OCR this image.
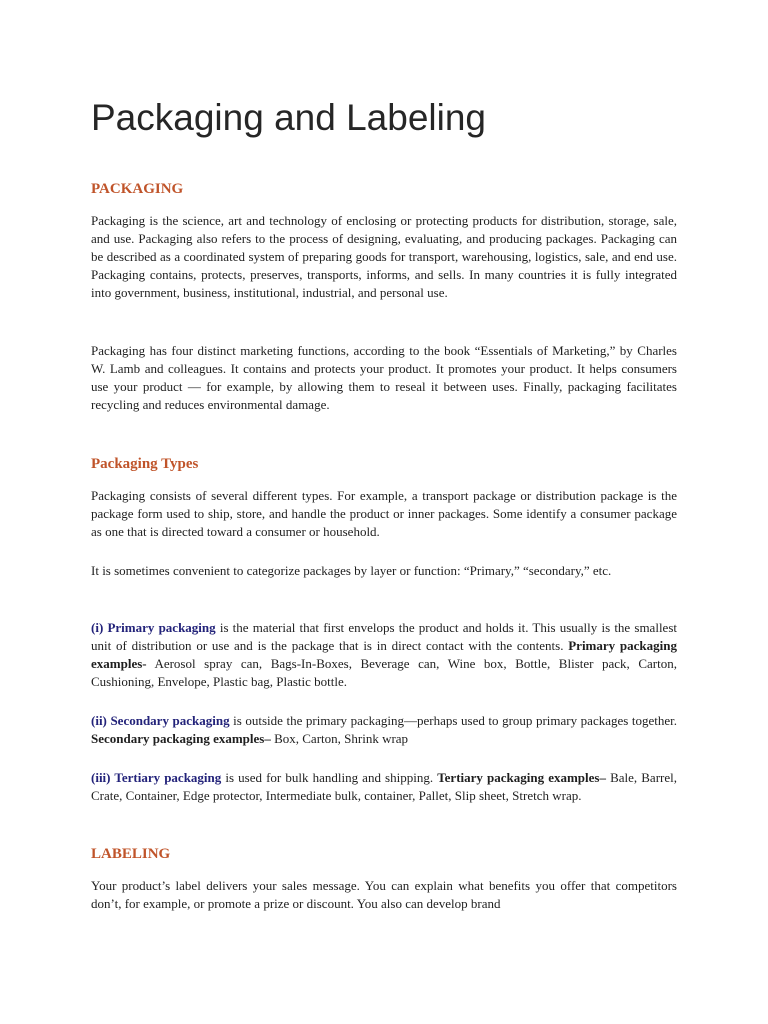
Packaging and Labeling
PACKAGING

Packaging is the science, art and technology of enclosing or protecting products for distribution, storage, sale, and use. Packaging also refers to the process of designing, evaluating, and producing packages. Packaging can be described as a coordinated system of preparing goods for transport, warehousing, logistics, sale, and end use. Packaging contains, protects, preserves, transports, informs, and sells. In many countries it is fully integrated into government, business, institutional, industrial, and personal use.

Packaging has four distinct marketing functions, according to the book “Essentials of Marketing,” by Charles W. Lamb and colleagues. It contains and protects your product. It promotes your product. It helps consumers use your product — for example, by allowing them to reseal it between uses. Finally, packaging facilitates recycling and reduces environmental damage.

Packaging Types

Packaging consists of several different types. For example, a transport package or distribution package is the package form used to ship, store, and handle the product or inner packages. Some identify a consumer package as one that is directed toward a consumer or household.

It is sometimes convenient to categorize packages by layer or function: “Primary,” “secondary,” etc.

(i) Primary packaging is the material that first envelops the product and holds it. This usually is the smallest unit of distribution or use and is the package that is in direct contact with the contents. Primary packaging examples- Aerosol spray can, Bags-In-Boxes, Beverage can, Wine box, Bottle, Blister pack, Carton, Cushioning, Envelope, Plastic bag, Plastic bottle.

(ii) Secondary packaging is outside the primary packaging—perhaps used to group primary packages together. Secondary packaging examples– Box, Carton, Shrink wrap

(iii) Tertiary packaging is used for bulk handling and shipping. Tertiary packaging examples– Bale, Barrel, Crate, Container, Edge protector, Intermediate bulk, container, Pallet, Slip sheet, Stretch wrap.

LABELING

Your product’s label delivers your sales message. You can explain what benefits you offer that competitors don’t, for example, or promote a prize or discount. You also can develop brand
